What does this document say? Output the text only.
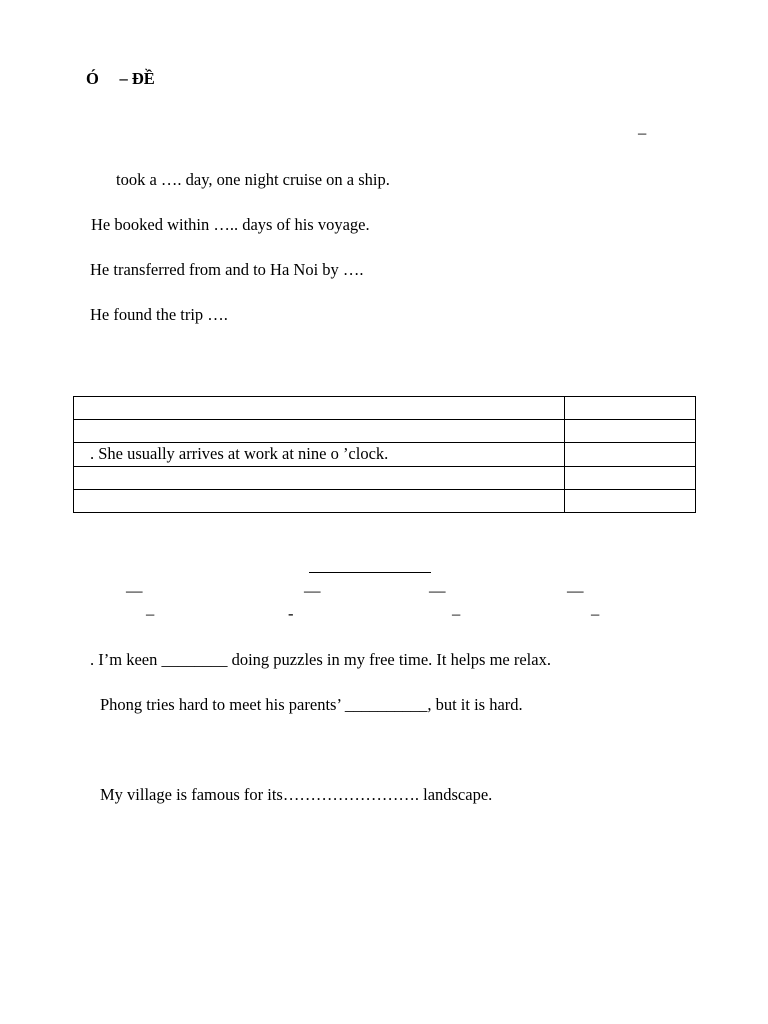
Ó     – ĐỀ
–
took a …. day, one night cruise on a ship.
He booked within ….. days of his voyage.
He transferred from and to Ha Noi by ….
He found the trip ….

. She usually arrives at work at nine o ’clock.	

—	—	—	—
–	-	–	–
. I’m keen ________ doing puzzles in my free time. It helps me relax.
Phong tries hard to meet his parents’ __________, but it is hard.
My village is famous for its……………………. landscape.
